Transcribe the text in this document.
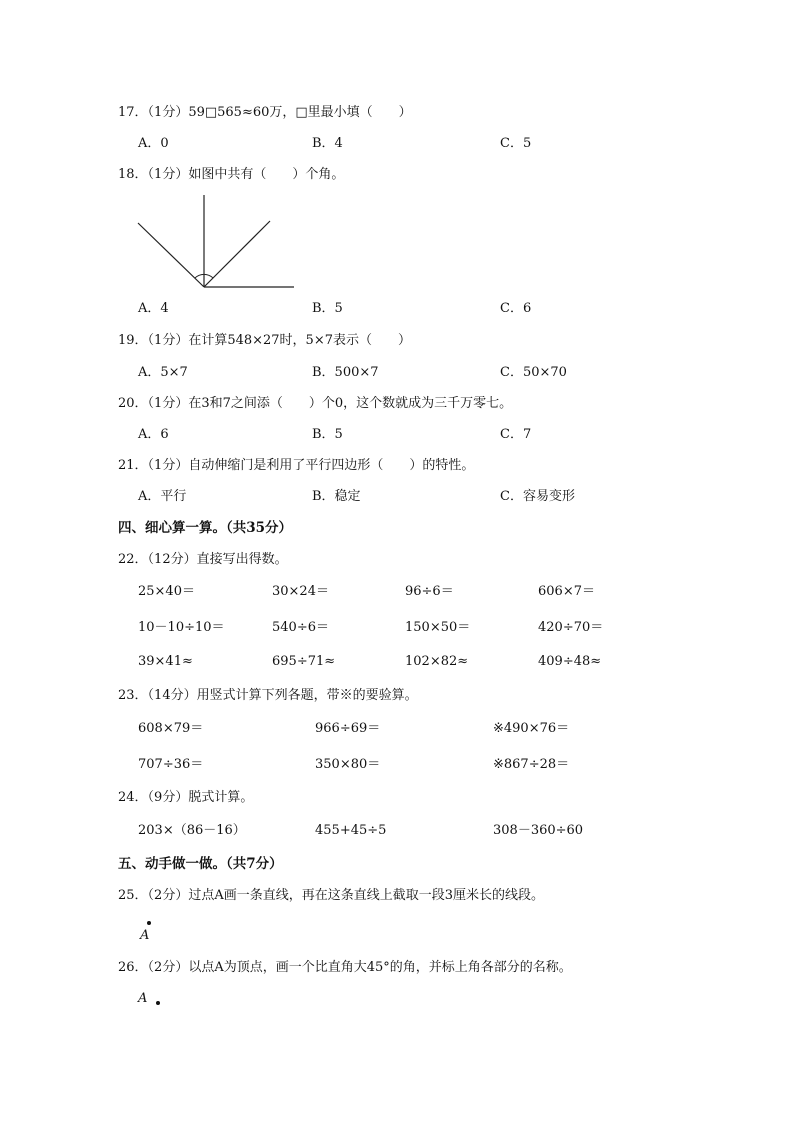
17．（1分）59□565≈60万，□里最小填（　　）
A．0	B．4	C．5
18．（1分）如图中共有（　　）个角。
A．4	B．5	C．6
19．（1分）在计算548×27时，5×7表示（　　）
A．5×7	B．500×7	C．50×70
20．（1分）在3和7之间添（　　）个0，这个数就成为三千万零七。
A．6	B．5	C．7
21．（1分）自动伸缩门是利用了平行四边形（　　）的特性。
A．平行	B．稳定	C．容易变形
四、细心算一算。（共35分）
22．（12分）直接写出得数。
25×40＝	30×24＝	96÷6＝	606×7＝
10－10÷10＝	540÷6＝	150×50＝	420÷70＝
39×41≈	695÷71≈	102×82≈	409÷48≈
23．（14分）用竖式计算下列各题，带※的要验算。
608×79＝	966÷69＝	※490×76＝
707÷36＝	350×80＝	※867÷28＝
24．（9分）脱式计算。
203×（86－16）	455+45÷5	308－360÷60
五、动手做一做。（共7分）
25．（2分）过点A画一条直线，再在这条直线上截取一段3厘米长的线段。
A
26．（2分）以点A为顶点，画一个比直角大45°的角，并标上角各部分的名称。
A
